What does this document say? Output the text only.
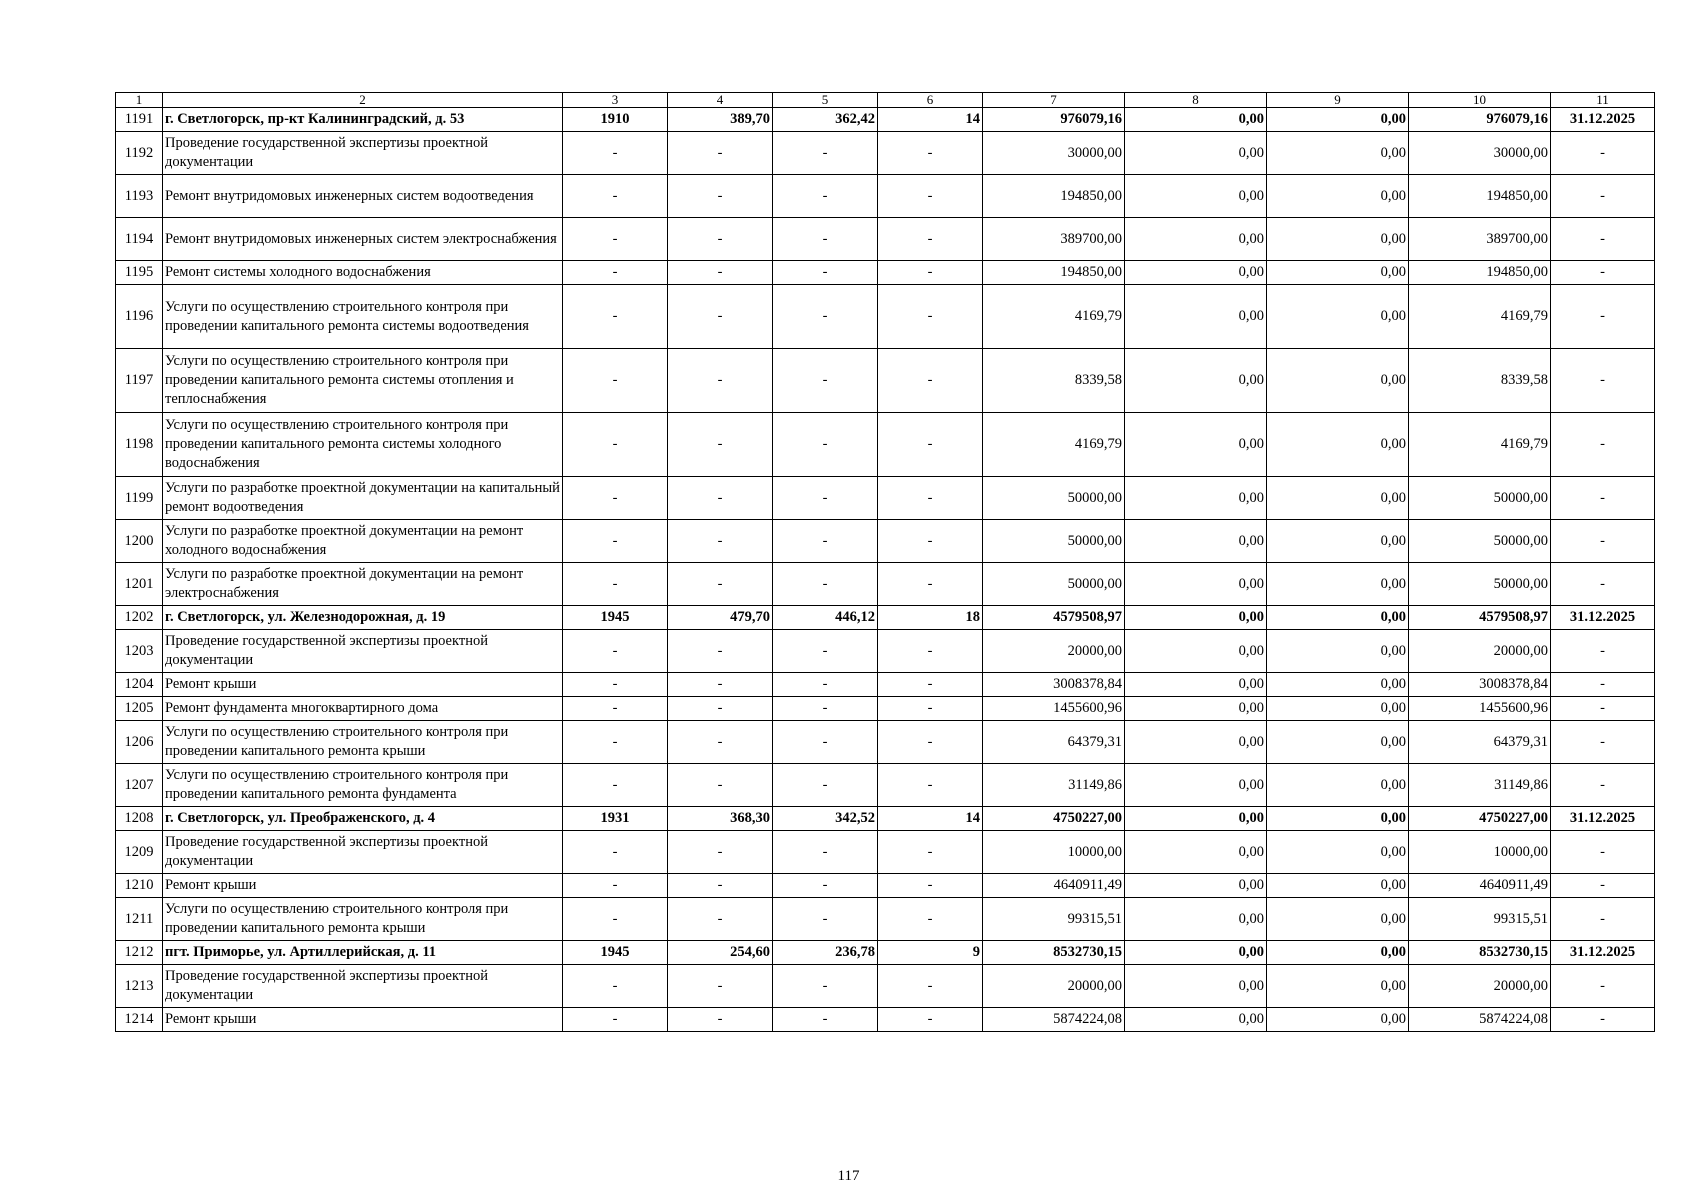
1	2	3	4	5	6	7	8	9	10	11
1191	г. Светлогорск, пр-кт Калининградский, д. 53	1910	389,70	362,42	14	976079,16	0,00	0,00	976079,16	31.12.2025
1192	Проведение государственной экспертизы проектной документации	-	-	-	-	30000,00	0,00	0,00	30000,00	-
1193	Ремонт внутридомовых инженерных систем водоотведения	-	-	-	-	194850,00	0,00	0,00	194850,00	-
1194	Ремонт внутридомовых инженерных систем электроснабжения	-	-	-	-	389700,00	0,00	0,00	389700,00	-
1195	Ремонт системы холодного водоснабжения	-	-	-	-	194850,00	0,00	0,00	194850,00	-
1196	Услуги по осуществлению строительного контроля при проведении капитального ремонта системы водоотведения	-	-	-	-	4169,79	0,00	0,00	4169,79	-
1197	Услуги по осуществлению строительного контроля при проведении капитального ремонта системы отопления и теплоснабжения	-	-	-	-	8339,58	0,00	0,00	8339,58	-
1198	Услуги по осуществлению строительного контроля при проведении капитального ремонта системы холодного водоснабжения	-	-	-	-	4169,79	0,00	0,00	4169,79	-
1199	Услуги по разработке проектной документации на капитальный ремонт водоотведения	-	-	-	-	50000,00	0,00	0,00	50000,00	-
1200	Услуги по разработке проектной документации на ремонт холодного водоснабжения	-	-	-	-	50000,00	0,00	0,00	50000,00	-
1201	Услуги по разработке проектной документации на ремонт электроснабжения	-	-	-	-	50000,00	0,00	0,00	50000,00	-
1202	г. Светлогорск, ул. Железнодорожная, д. 19	1945	479,70	446,12	18	4579508,97	0,00	0,00	4579508,97	31.12.2025
1203	Проведение государственной экспертизы проектной документации	-	-	-	-	20000,00	0,00	0,00	20000,00	-
1204	Ремонт крыши	-	-	-	-	3008378,84	0,00	0,00	3008378,84	-
1205	Ремонт фундамента многоквартирного дома	-	-	-	-	1455600,96	0,00	0,00	1455600,96	-
1206	Услуги по осуществлению строительного контроля при проведении капитального ремонта крыши	-	-	-	-	64379,31	0,00	0,00	64379,31	-
1207	Услуги по осуществлению строительного контроля при проведении капитального ремонта фундамента	-	-	-	-	31149,86	0,00	0,00	31149,86	-
1208	г. Светлогорск, ул. Преображенского, д. 4	1931	368,30	342,52	14	4750227,00	0,00	0,00	4750227,00	31.12.2025
1209	Проведение государственной экспертизы проектной документации	-	-	-	-	10000,00	0,00	0,00	10000,00	-
1210	Ремонт крыши	-	-	-	-	4640911,49	0,00	0,00	4640911,49	-
1211	Услуги по осуществлению строительного контроля при проведении капитального ремонта крыши	-	-	-	-	99315,51	0,00	0,00	99315,51	-
1212	пгт. Приморье, ул. Артиллерийская, д. 11	1945	254,60	236,78	9	8532730,15	0,00	0,00	8532730,15	31.12.2025
1213	Проведение государственной экспертизы проектной документации	-	-	-	-	20000,00	0,00	0,00	20000,00	-
1214	Ремонт крыши	-	-	-	-	5874224,08	0,00	0,00	5874224,08	-
117
